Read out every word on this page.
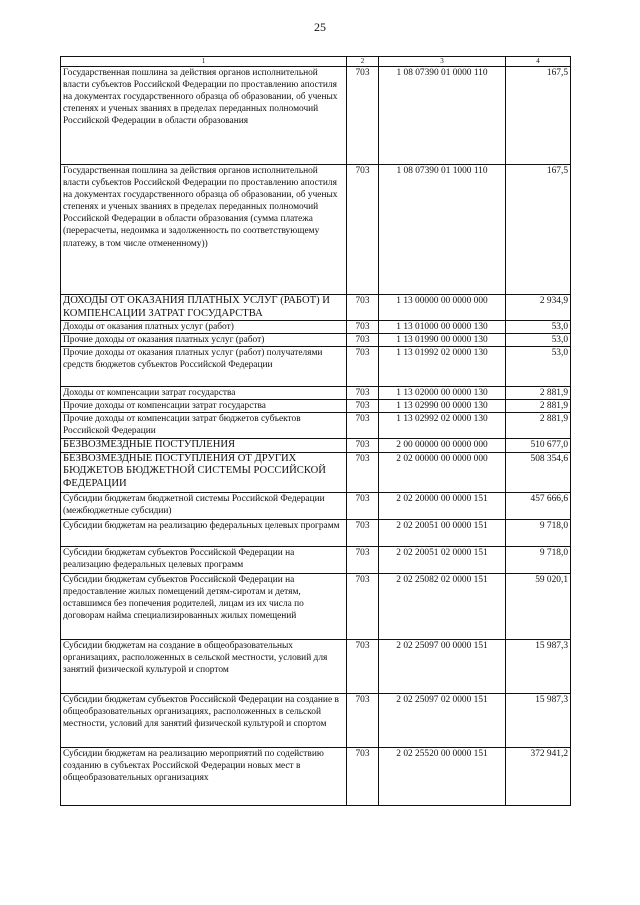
25
1	2	3	4
Государственная пошлина за действия органов исполнительной власти субъектов Российской Федерации по проставлению апостиля на документах государственного образца об образовании, об ученых степенях и ученых званиях в пределах переданных полномочий Российской Федерации в области образования	703	1 08 07390 01 0000 110	167,5
Государственная пошлина за действия органов исполнительной власти субъектов Российской Федерации по проставлению апостиля на документах государственного образца об образовании, об ученых степенях и ученых званиях в пределах переданных полномочий Российской Федерации в области образования (сумма платежа (перерасчеты, недоимка и задолженность по соответствующему платежу, в том числе отмененному))	703	1 08 07390 01 1000 110	167,5
ДОХОДЫ ОТ ОКАЗАНИЯ ПЛАТНЫХ УСЛУГ (РАБОТ) И КОМПЕНСАЦИИ ЗАТРАТ ГОСУДАРСТВА	703	1 13 00000 00 0000 000	2 934,9
Доходы от оказания платных услуг (работ)	703	1 13 01000 00 0000 130	53,0
Прочие доходы от оказания платных услуг (работ)	703	1 13 01990 00 0000 130	53,0
Прочие доходы от оказания платных услуг (работ) получателями средств бюджетов субъектов Российской Федерации	703	1 13 01992 02 0000 130	53,0
Доходы от компенсации затрат государства	703	1 13 02000 00 0000 130	2 881,9
Прочие доходы от компенсации затрат государства	703	1 13 02990 00 0000 130	2 881,9
Прочие доходы от компенсации затрат бюджетов субъектов Российской Федерации	703	1 13 02992 02 0000 130	2 881,9
БЕЗВОЗМЕЗДНЫЕ ПОСТУПЛЕНИЯ	703	2 00 00000 00 0000 000	510 677,0
БЕЗВОЗМЕЗДНЫЕ ПОСТУПЛЕНИЯ ОТ ДРУГИХ БЮДЖЕТОВ БЮДЖЕТНОЙ СИСТЕМЫ РОССИЙСКОЙ ФЕДЕРАЦИИ	703	2 02 00000 00 0000 000	508 354,6
Субсидии бюджетам бюджетной системы Российской Федерации (межбюджетные субсидии)	703	2 02 20000 00 0000 151	457 666,6
Субсидии бюджетам на реализацию федеральных целевых программ	703	2 02 20051 00 0000 151	9 718,0
Субсидии бюджетам субъектов Российской Федерации на реализацию федеральных целевых программ	703	2 02 20051 02 0000 151	9 718,0
Субсидии бюджетам субъектов Российской Федерации на предоставление жилых помещений детям-сиротам и детям, оставшимся без попечения родителей, лицам из их числа по договорам найма специализированных жилых помещений	703	2 02 25082 02 0000 151	59 020,1
Субсидии бюджетам на создание в общеобразовательных организациях, расположенных в сельской местности, условий для занятий физической культурой и спортом	703	2 02 25097 00 0000 151	15 987,3
Субсидии бюджетам субъектов Российской Федерации на создание в общеобразовательных организациях, расположенных в сельской местности, условий для занятий физической культурой и спортом	703	2 02 25097 02 0000 151	15 987,3
Субсидии бюджетам на реализацию мероприятий по содействию созданию в субъектах Российской Федерации новых мест в общеобразовательных организациях	703	2 02 25520 00 0000 151	372 941,2
